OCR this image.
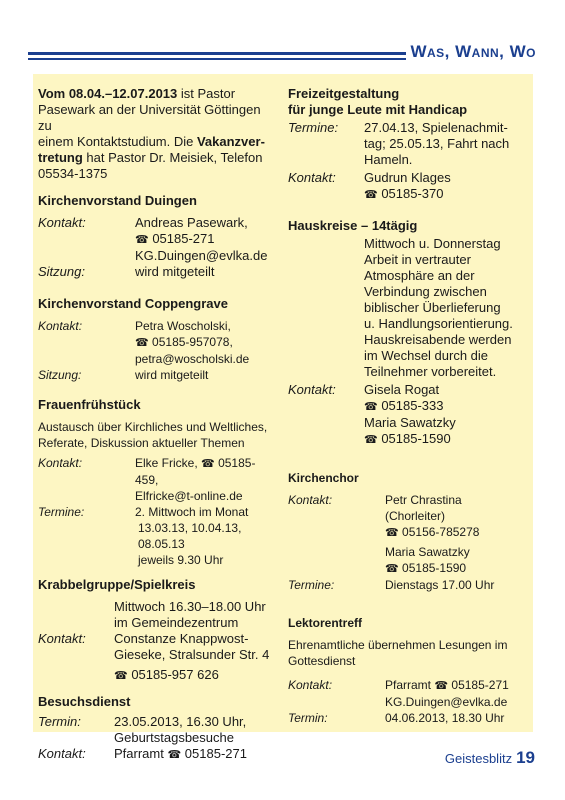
Was, Wann, Wo

Vom 08.04.–12.07.2013 ist Pastor
Pasewark an der Universität Göttingen zu
einem Kontaktstudium. Die Vakanzver-
tretung hat Pastor Dr. Meisiek, Telefon
05534-1375

Kirchenvorstand Duingen

Kontakt:	Andreas Pasewark,
☎ 05185-271
KG.Duingen@evlka.de
Sitzung:	wird mitgeteilt

Kirchenvorstand Coppengrave

Kontakt:	Petra Woscholski,
☎ 05185-957078,
petra@woscholski.de
Sitzung:	wird mitgeteilt

Frauenfrühstück

Austausch über Kirchliches und Weltliches,
Referate, Diskussion aktueller Themen
Kontakt:	Elke Fricke, ☎ 05185-459,
Elfricke@t-online.de
Termine:	2. Mittwoch im Monat
13.03.13, 10.04.13,
08.05.13
jeweils 9.30 Uhr

Krabbelgruppe/Spielkreis

Mittwoch 16.30–18.00 Uhr
im Gemeindezentrum
Kontakt: Constanze Knappwost-
Gieseke, Stralsunder Str. 4
☎ 05185-957 626

Besuchsdienst

Termin:	23.05.2013, 16.30 Uhr,
Geburtstagsbesuche
Kontakt: Pfarramt ☎ 05185-271

Freizeitgestaltung
für junge Leute mit Handicap

Termine: 27.04.13, Spielenachmit-
tag; 25.05.13, Fahrt nach
Hameln.
Kontakt: Gudrun Klages
☎ 05185-370

Hauskreise – 14tägig

Mittwoch u. Donnerstag
Arbeit in vertrauter
Atmosphäre an der
Verbindung zwischen
biblischer Überlieferung
u. Handlungsorientierung.
Hauskreisabende werden
im Wechsel durch die
Teilnehmer vorbereitet.
Kontakt: Gisela Rogat
☎ 05185-333
Maria Sawatzky
☎ 05185-1590

Kirchenchor

Kontakt:	Petr Chrastina
(Chorleiter)
☎ 05156-785278
Maria Sawatzky
☎ 05185-1590
Termine:	Dienstags 17.00 Uhr

Lektorentreff

Ehrenamtliche übernehmen Lesungen im
Gottesdienst
Kontakt:	Pfarramt ☎ 05185-271
KG.Duingen@evlka.de
Termin:	04.06.2013, 18.30 Uhr
Geistesblitz 19
